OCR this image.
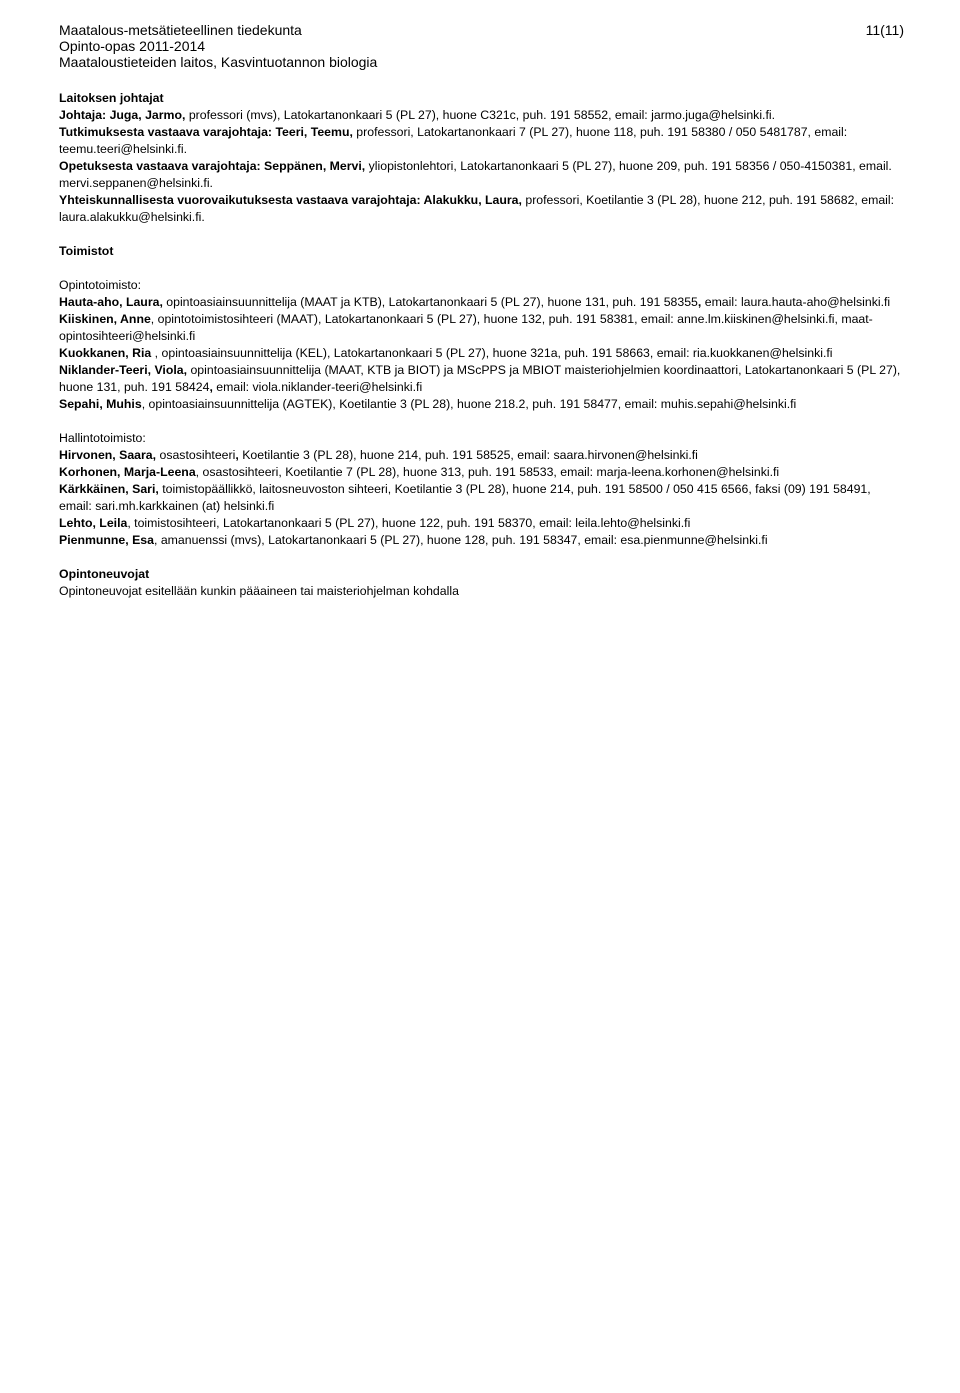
Maatalous-metsätieteellinen tiedekunta
Opinto-opas 2011-2014
Maataloustieteiden laitos, Kasvintuotannon biologia
11(11)
Laitoksen johtajat

Johtaja: Juga, Jarmo, professori (mvs), Latokartanonkaari 5 (PL 27), huone C321c, puh. 191 58552, email: jarmo.juga@helsinki.fi.

Tutkimuksesta vastaava varajohtaja: Teeri, Teemu, professori, Latokartanonkaari 7 (PL 27), huone 118, puh. 191 58380 / 050 5481787, email: teemu.teeri@helsinki.fi.

Opetuksesta vastaava varajohtaja: Seppänen, Mervi, yliopistonlehtori, Latokartanonkaari 5 (PL 27), huone 209, puh. 191 58356 / 050-4150381, email. mervi.seppanen@helsinki.fi.

Yhteiskunnallisesta vuorovaikutuksesta vastaava varajohtaja: Alakukku, Laura, professori, Koetilantie 3 (PL 28), huone 212, puh. 191 58682, email: laura.alakukku@helsinki.fi.

Toimistot
Opintotoimisto:

Hauta-aho, Laura, opintoasiainsuunnittelija (MAAT ja KTB), Latokartanonkaari 5 (PL 27), huone 131, puh. 191 58355, email: laura.hauta-aho@helsinki.fi

Kiiskinen, Anne, opintotoimistosihteeri (MAAT), Latokartanonkaari 5 (PL 27), huone 132, puh. 191 58381, email: anne.lm.kiiskinen@helsinki.fi, maat-opintosihteeri@helsinki.fi

Kuokkanen, Ria , opintoasiainsuunnittelija (KEL), Latokartanonkaari 5 (PL 27), huone 321a, puh. 191 58663, email: ria.kuokkanen@helsinki.fi

Niklander-Teeri, Viola, opintoasiainsuunnittelija (MAAT, KTB ja BIOT) ja MScPPS ja MBIOT maisteriohjelmien koordinaattori, Latokartanonkaari 5 (PL 27), huone 131, puh. 191 58424, email: viola.niklander-teeri@helsinki.fi

Sepahi, Muhis, opintoasiainsuunnittelija (AGTEK), Koetilantie 3 (PL 28), huone 218.2, puh. 191 58477, email: muhis.sepahi@helsinki.fi

Hallintotoimisto:

Hirvonen, Saara, osastosihteeri, Koetilantie 3 (PL 28), huone 214, puh. 191 58525, email: saara.hirvonen@helsinki.fi

Korhonen, Marja-Leena, osastosihteeri, Koetilantie 7 (PL 28), huone 313, puh. 191 58533, email: marja-leena.korhonen@helsinki.fi

Kärkkäinen, Sari, toimistopäällikkö, laitosneuvoston sihteeri, Koetilantie 3 (PL 28), huone 214, puh. 191 58500 / 050 415 6566, faksi (09) 191 58491, email: sari.mh.karkkainen (at) helsinki.fi

Lehto, Leila, toimistosihteeri, Latokartanonkaari 5 (PL 27), huone 122, puh. 191 58370, email: leila.lehto@helsinki.fi

Pienmunne, Esa, amanuenssi (mvs), Latokartanonkaari 5 (PL 27), huone 128, puh. 191 58347, email: esa.pienmunne@helsinki.fi

Opintoneuvojat

Opintoneuvojat esitellään kunkin pääaineen tai maisteriohjelman kohdalla
